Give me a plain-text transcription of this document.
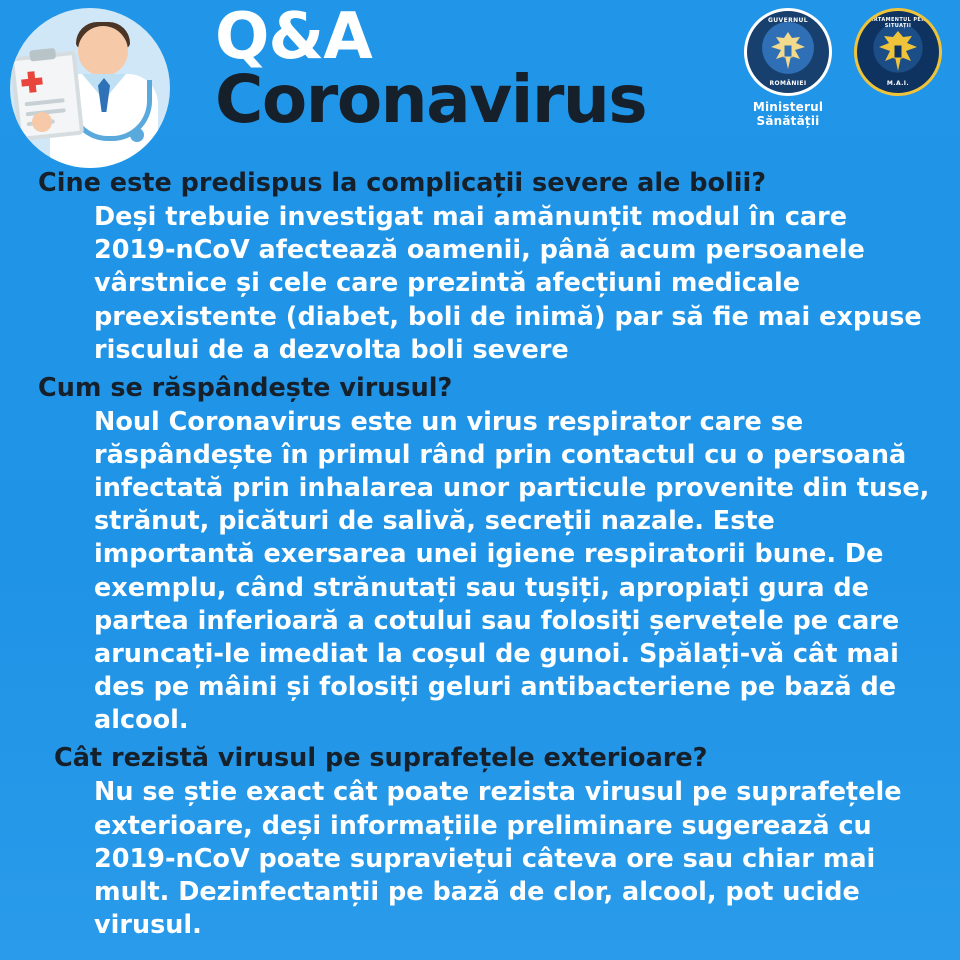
Q&A
Coronavirus
GUVERNUL
ROMÂNIEI
Ministerul Sănătății
DEPARTAMENTUL PENTRU SITUAȚII
M.A.I.

Cine este predispus la complicații severe ale bolii?

Deși trebuie investigat mai amănunțit modul în care 2019-nCoV afectează oamenii, până acum persoanele vârstnice și cele care prezintă afecțiuni medicale preexistente (diabet, boli de inimă) par să fie mai expuse riscului de a dezvolta boli severe

Cum se răspândește virusul?

Noul Coronavirus este un virus respirator care se răspândește în primul rând prin contactul cu o persoană infectată prin inhalarea unor particule provenite din tuse, strănut, picături de salivă, secreții nazale. Este importantă exersarea unei igiene respiratorii bune. De exemplu, când strănutați sau tușiți, apropiați gura de partea inferioară a cotului sau folosiți șervețele pe care aruncați-le imediat la coșul de gunoi. Spălați-vă cât mai des pe mâini și folosiți geluri antibacteriene pe bază de alcool.

Cât rezistă virusul pe suprafețele exterioare?

Nu se știe exact cât poate rezista virusul pe suprafețele exterioare, deși informațiile preliminare sugerează cu 2019-nCoV poate supraviețui câteva ore sau chiar mai mult. Dezinfectanții pe bază de clor, alcool, pot ucide virusul.
